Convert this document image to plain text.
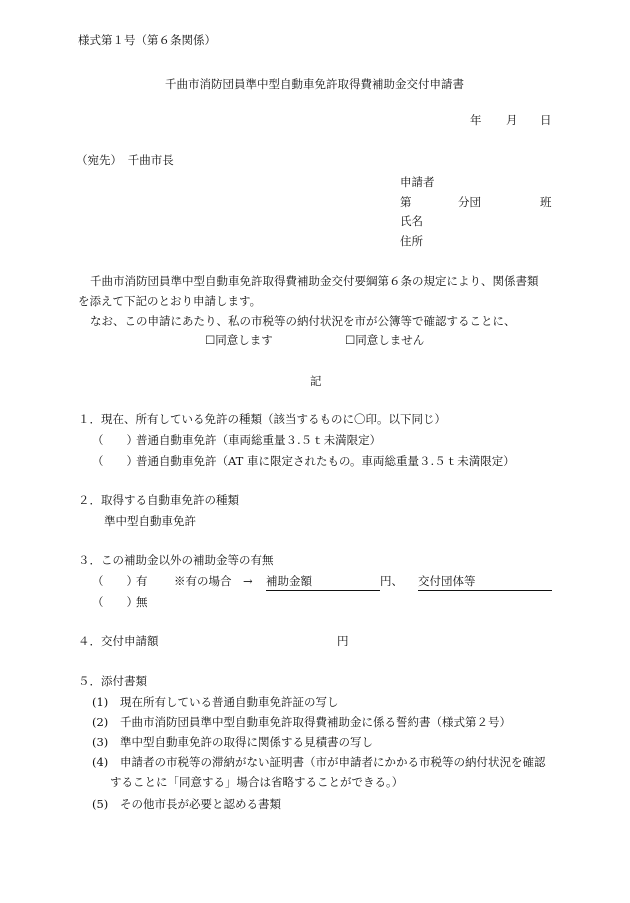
様式第１号（第６条関係）
千曲市消防団員準中型自動車免許取得費補助金交付申請書
年 月 日
（宛先）　千曲市長
申請者
第	分団	班
氏名
住所
千曲市消防団員準中型自動車免許取得費補助金交付要綱第６条の規定により、関係書類
を添えて下記のとおり申請します。
なお、この申請にあたり、私の市税等の納付状況を市が公簿等で確認することに、
☐同意します	☐同意しません
記
１．現在、所有している免許の種類（該当するものに〇印。以下同じ）
（　　）
普通自動車免許（車両総重量３.５ｔ未満限定）
（　　）
普通自動車免許（AT 車に限定されたもの。車両総重量３.５ｔ未満限定）
２．取得する自動車免許の種類
準中型自動車免許
３．この補助金以外の補助金等の有無
（　　）
有 ※有の場合　→ 補助金額	円、 交付団体等
（　　）
無
４．交付申請額	円
５．添付書類
(1) 現在所有している普通自動車免許証の写し
(2) 千曲市消防団員準中型自動車免許取得費補助金に係る誓約書（様式第２号）
(3) 準中型自動車免許の取得に関係する見積書の写し
(4) 申請者の市税等の滞納がない証明書（市が申請者にかかる市税等の納付状況を確認
することに「同意する」場合は省略することができる。）
(5) その他市長が必要と認める書類
